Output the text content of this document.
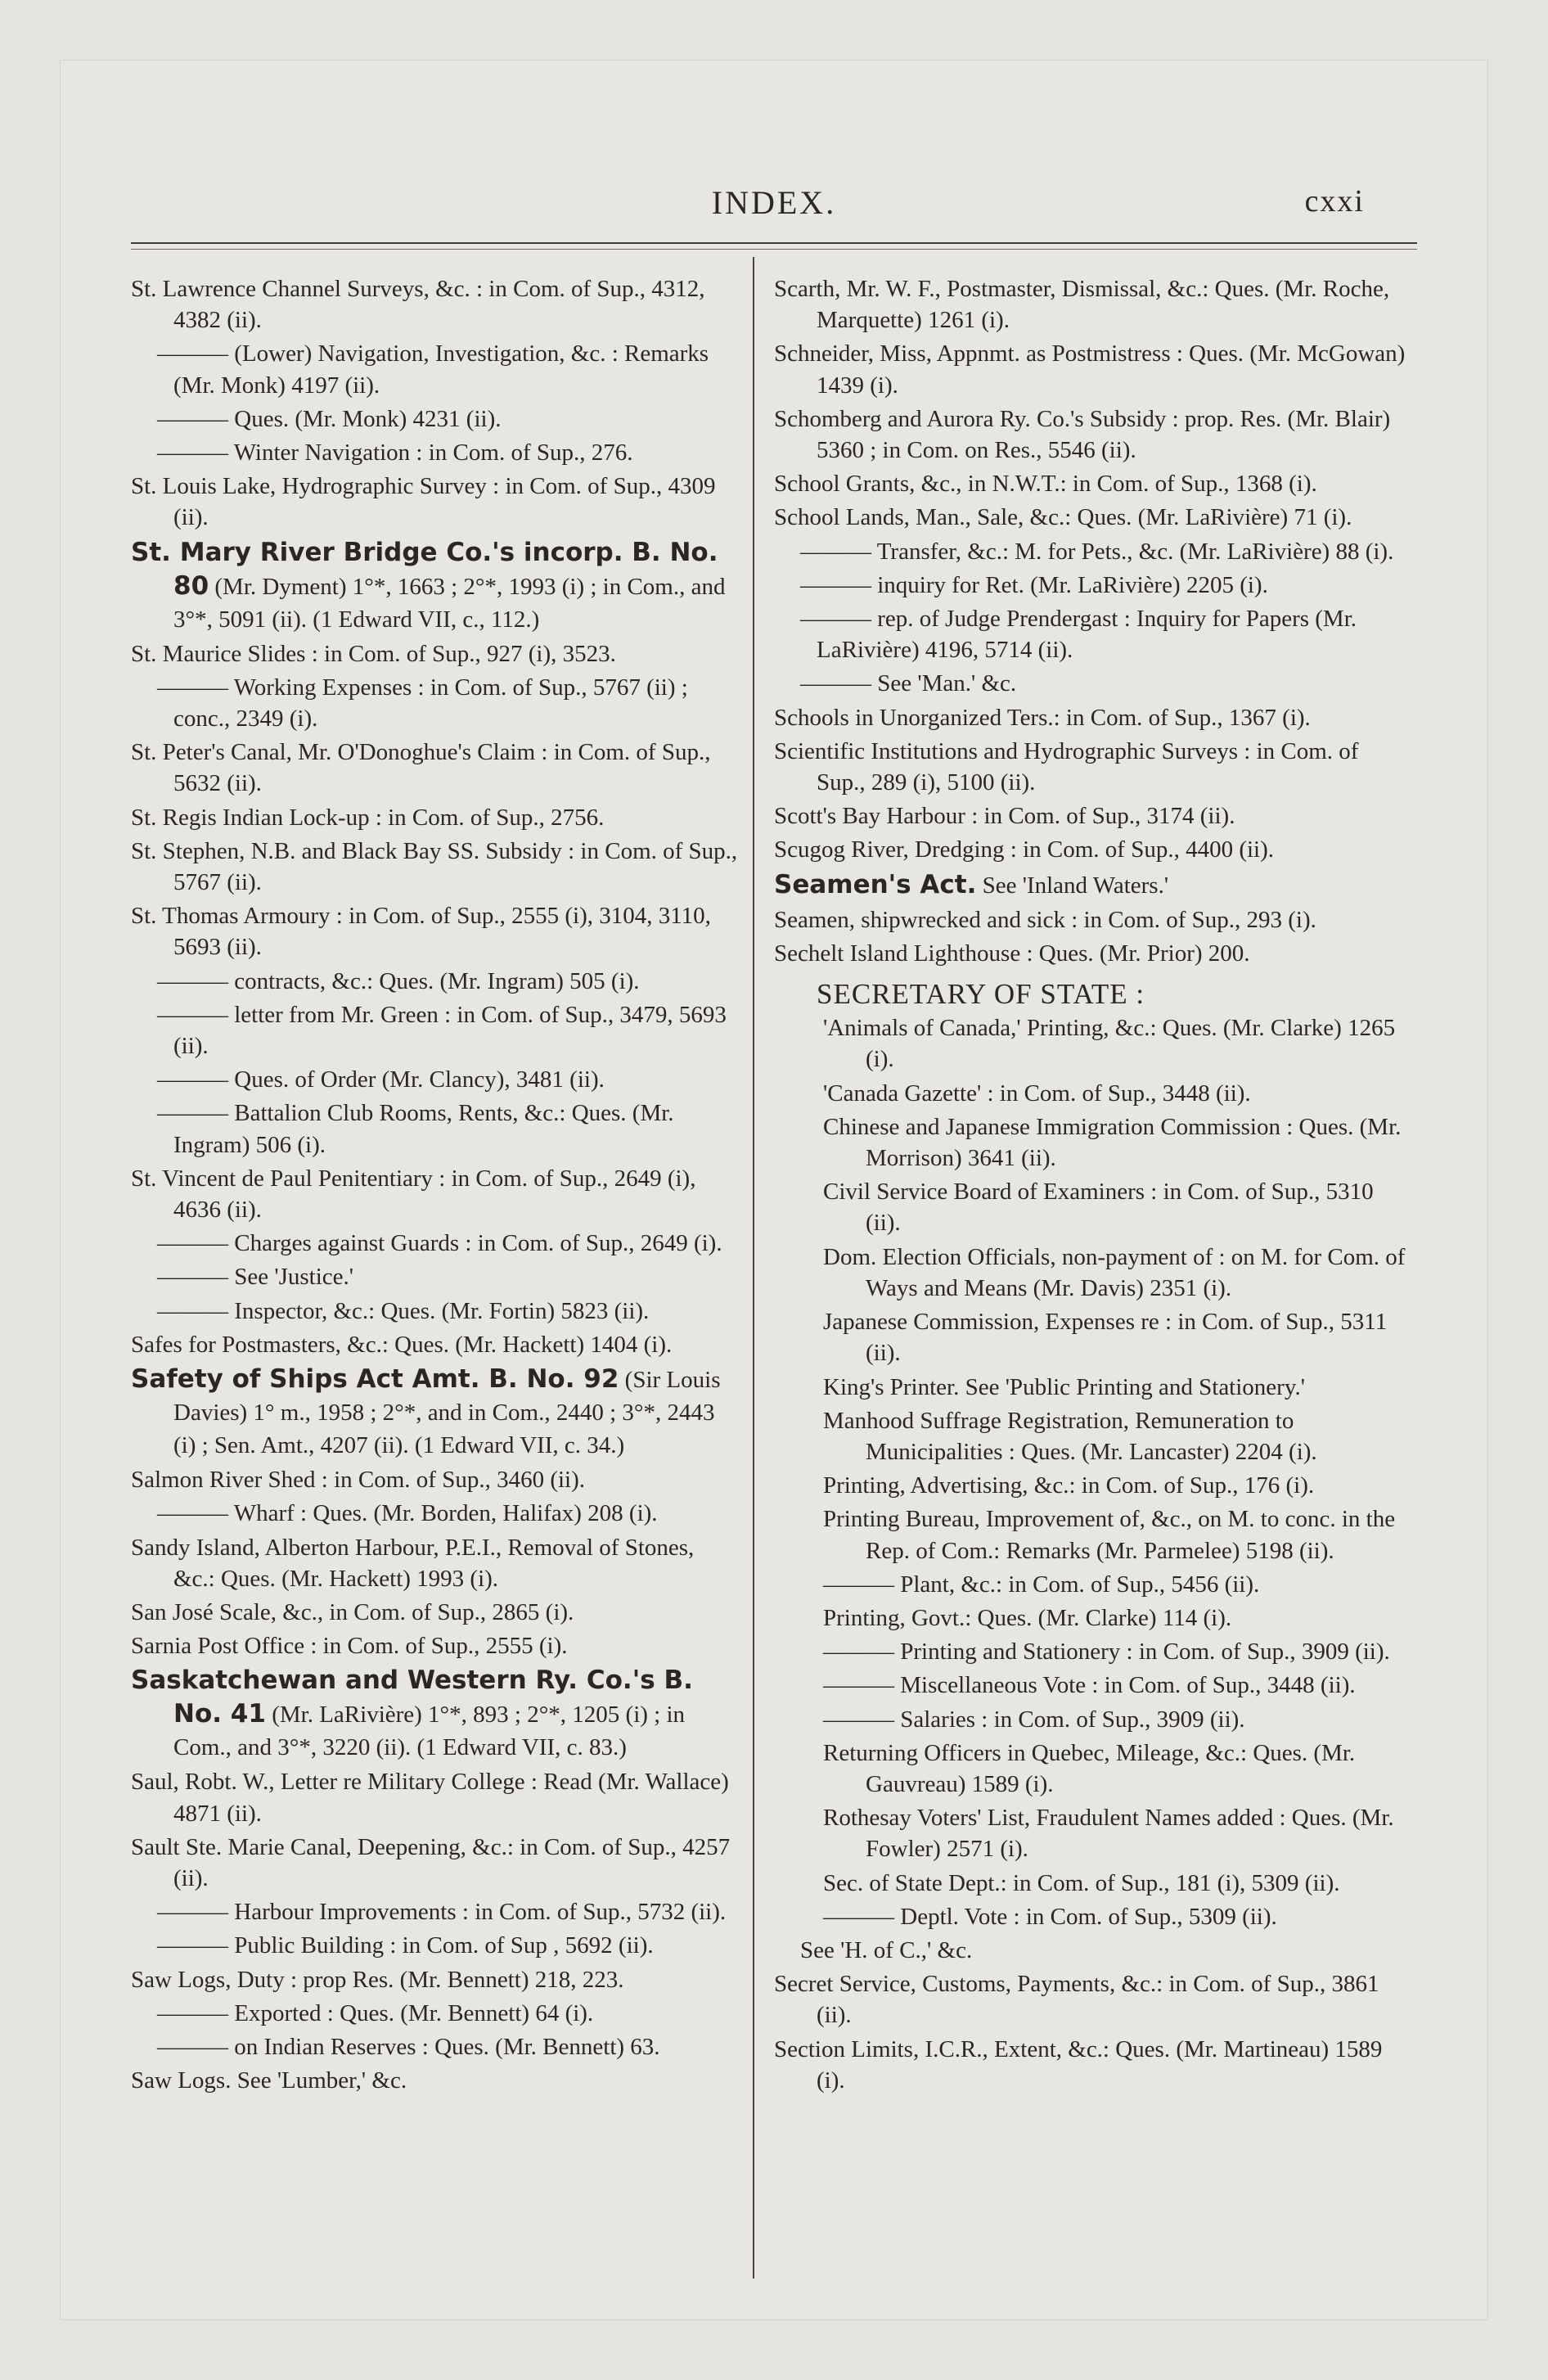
INDEX.	cxxi
St. Lawrence Channel Surveys, &c. : in Com. of Sup., 4312, 4382 (ii).
——— (Lower) Navigation, Investigation, &c. : Remarks (Mr. Monk) 4197 (ii).
——— Ques. (Mr. Monk) 4231 (ii).
——— Winter Navigation : in Com. of Sup., 276.
St. Louis Lake, Hydrographic Survey : in Com. of Sup., 4309 (ii).
St. Mary River Bridge Co.'s incorp. B. No. 80 (Mr. Dyment) 1°*, 1663 ; 2°*, 1993 (i) ; in Com., and 3°*, 5091 (ii). (1 Edward VII, c., 112.)
St. Maurice Slides : in Com. of Sup., 927 (i), 3523.
——— Working Expenses : in Com. of Sup., 5767 (ii) ; conc., 2349 (i).
St. Peter's Canal, Mr. O'Donoghue's Claim : in Com. of Sup., 5632 (ii).
St. Regis Indian Lock-up : in Com. of Sup., 2756.
St. Stephen, N.B. and Black Bay SS. Subsidy : in Com. of Sup., 5767 (ii).
St. Thomas Armoury : in Com. of Sup., 2555 (i), 3104, 3110, 5693 (ii).
——— contracts, &c.: Ques. (Mr. Ingram) 505 (i).
——— letter from Mr. Green : in Com. of Sup., 3479, 5693 (ii).
——— Ques. of Order (Mr. Clancy), 3481 (ii).
——— Battalion Club Rooms, Rents, &c.: Ques. (Mr. Ingram) 506 (i).
St. Vincent de Paul Penitentiary : in Com. of Sup., 2649 (i), 4636 (ii).
——— Charges against Guards : in Com. of Sup., 2649 (i).
——— See 'Justice.'
——— Inspector, &c.: Ques. (Mr. Fortin) 5823 (ii).
Safes for Postmasters, &c.: Ques. (Mr. Hackett) 1404 (i).
Safety of Ships Act Amt. B. No. 92 (Sir Louis Davies) 1° m., 1958 ; 2°*, and in Com., 2440 ; 3°*, 2443 (i) ; Sen. Amt., 4207 (ii). (1 Edward VII, c. 34.)
Salmon River Shed : in Com. of Sup., 3460 (ii).
——— Wharf : Ques. (Mr. Borden, Halifax) 208 (i).
Sandy Island, Alberton Harbour, P.E.I., Removal of Stones, &c.: Ques. (Mr. Hackett) 1993 (i).
San José Scale, &c., in Com. of Sup., 2865 (i).
Sarnia Post Office : in Com. of Sup., 2555 (i).
Saskatchewan and Western Ry. Co.'s B. No. 41 (Mr. LaRivière) 1°*, 893 ; 2°*, 1205 (i) ; in Com., and 3°*, 3220 (ii). (1 Edward VII, c. 83.)
Saul, Robt. W., Letter re Military College : Read (Mr. Wallace) 4871 (ii).
Sault Ste. Marie Canal, Deepening, &c.: in Com. of Sup., 4257 (ii).
——— Harbour Improvements : in Com. of Sup., 5732 (ii).
——— Public Building : in Com. of Sup , 5692 (ii).
Saw Logs, Duty : prop Res. (Mr. Bennett) 218, 223.
——— Exported : Ques. (Mr. Bennett) 64 (i).
——— on Indian Reserves : Ques. (Mr. Bennett) 63.
Saw Logs. See 'Lumber,' &c.
Scarth, Mr. W. F., Postmaster, Dismissal, &c.: Ques. (Mr. Roche, Marquette) 1261 (i).
Schneider, Miss, Appnmt. as Postmistress : Ques. (Mr. McGowan) 1439 (i).
Schomberg and Aurora Ry. Co.'s Subsidy : prop. Res. (Mr. Blair) 5360 ; in Com. on Res., 5546 (ii).
School Grants, &c., in N.W.T.: in Com. of Sup., 1368 (i).
School Lands, Man., Sale, &c.: Ques. (Mr. LaRivière) 71 (i).
——— Transfer, &c.: M. for Pets., &c. (Mr. LaRivière) 88 (i).
——— inquiry for Ret. (Mr. LaRivière) 2205 (i).
——— rep. of Judge Prendergast : Inquiry for Papers (Mr. LaRivière) 4196, 5714 (ii).
——— See 'Man.' &c.
Schools in Unorganized Ters.: in Com. of Sup., 1367 (i).
Scientific Institutions and Hydrographic Surveys : in Com. of Sup., 289 (i), 5100 (ii).
Scott's Bay Harbour : in Com. of Sup., 3174 (ii).
Scugog River, Dredging : in Com. of Sup., 4400 (ii).
Seamen's Act. See 'Inland Waters.'
Seamen, shipwrecked and sick : in Com. of Sup., 293 (i).
Sechelt Island Lighthouse : Ques. (Mr. Prior) 200.
SECRETARY OF STATE :
'Animals of Canada,' Printing, &c.: Ques. (Mr. Clarke) 1265 (i).
'Canada Gazette' : in Com. of Sup., 3448 (ii).
Chinese and Japanese Immigration Commission : Ques. (Mr. Morrison) 3641 (ii).
Civil Service Board of Examiners : in Com. of Sup., 5310 (ii).
Dom. Election Officials, non-payment of : on M. for Com. of Ways and Means (Mr. Davis) 2351 (i).
Japanese Commission, Expenses re : in Com. of Sup., 5311 (ii).
King's Printer. See 'Public Printing and Stationery.'
Manhood Suffrage Registration, Remuneration to Municipalities : Ques. (Mr. Lancaster) 2204 (i).
Printing, Advertising, &c.: in Com. of Sup., 176 (i).
Printing Bureau, Improvement of, &c., on M. to conc. in the Rep. of Com.: Remarks (Mr. Parmelee) 5198 (ii).
——— Plant, &c.: in Com. of Sup., 5456 (ii).
Printing, Govt.: Ques. (Mr. Clarke) 114 (i).
——— Printing and Stationery : in Com. of Sup., 3909 (ii).
——— Miscellaneous Vote : in Com. of Sup., 3448 (ii).
——— Salaries : in Com. of Sup., 3909 (ii).
Returning Officers in Quebec, Mileage, &c.: Ques. (Mr. Gauvreau) 1589 (i).
Rothesay Voters' List, Fraudulent Names added : Ques. (Mr. Fowler) 2571 (i).
Sec. of State Dept.: in Com. of Sup., 181 (i), 5309 (ii).
——— Deptl. Vote : in Com. of Sup., 5309 (ii).
See 'H. of C.,' &c.
Secret Service, Customs, Payments, &c.: in Com. of Sup., 3861 (ii).
Section Limits, I.C.R., Extent, &c.: Ques. (Mr. Martineau) 1589 (i).
